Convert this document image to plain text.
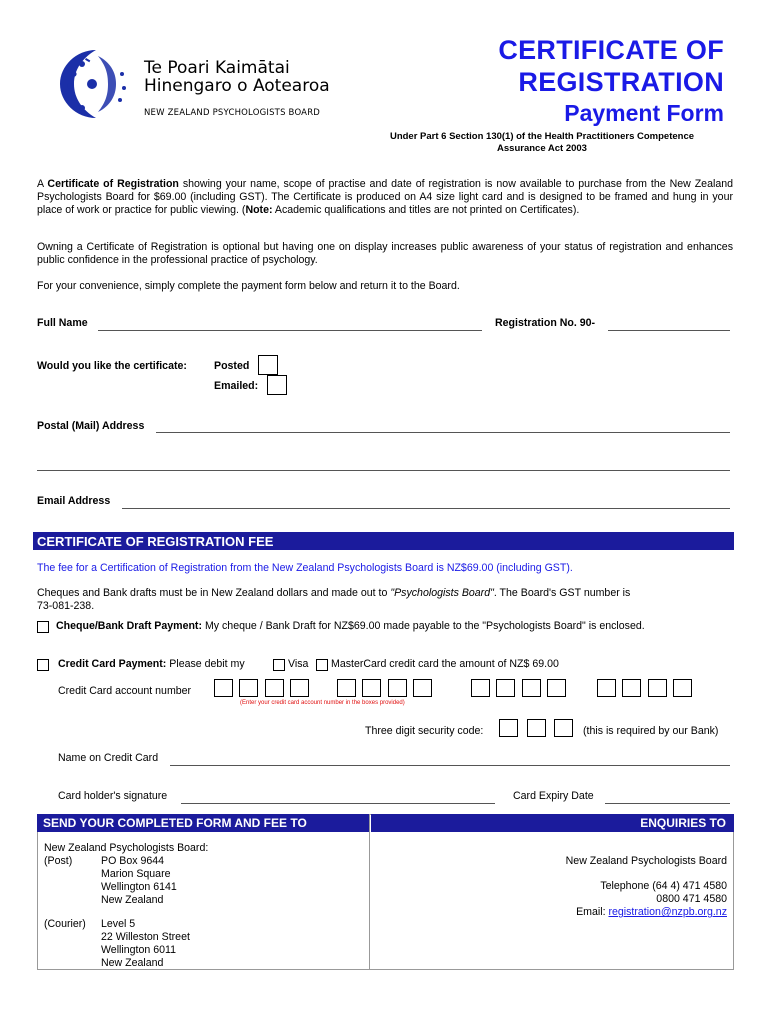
Te Poari Kaimātai
Hinengaro o Aotearoa
NEW ZEALAND PSYCHOLOGISTS BOARD
CERTIFICATE OF
REGISTRATION
Payment Form
Under Part 6 Section 130(1) of the Health Practitioners Competence
Assurance Act 2003
A Certificate of Registration showing your name, scope of practise and date of registration is now available to purchase from the New Zealand Psychologists Board for $69.00 (including GST). The Certificate is produced on A4 size light card and is designed to be framed and hung in your place of work or practice for public viewing. (Note: Academic qualifications and titles are not printed on Certificates).
Owning a Certificate of Registration is optional but having one on display increases public awareness of your status of registration and enhances public confidence in the professional practice of psychology.
For your convenience, simply complete the payment form below and return it to the Board.
Full Name	Registration No. 90-
Would you like the certificate:	Posted
Emailed:
Postal (Mail) Address
Email Address
CERTIFICATE OF REGISTRATION FEE
The fee for a Certification of Registration from the New Zealand Psychologists Board is NZ$69.00 (including GST).
Cheques and Bank drafts must be in New Zealand dollars and made out to "Psychologists Board". The Board's GST number is
73-081-238.
Cheque/Bank Draft Payment: My cheque / Bank Draft for NZ$69.00 made payable to the "Psychologists Board" is enclosed.
Credit Card Payment: Please debit my	Visa MasterCard credit card the amount of NZ$ 69.00
Credit Card account number
(Enter your credit card account number in the boxes provided)
Three digit security code:	(this is required by our Bank)
Name on Credit Card
Card holder's signature	Card Expiry Date
SEND YOUR COMPLETED FORM AND FEE TO	ENQUIRIES TO
New Zealand Psychologists Board:
(Post)	PO Box 9644
Marion Square
Wellington 6141
New Zealand
(Courier) Level 5
22 Willeston Street
Wellington 6011
New Zealand
New Zealand Psychologists Board
Telephone (64 4) 471 4580
0800 471 4580
Email: registration@nzpb.org.nz
